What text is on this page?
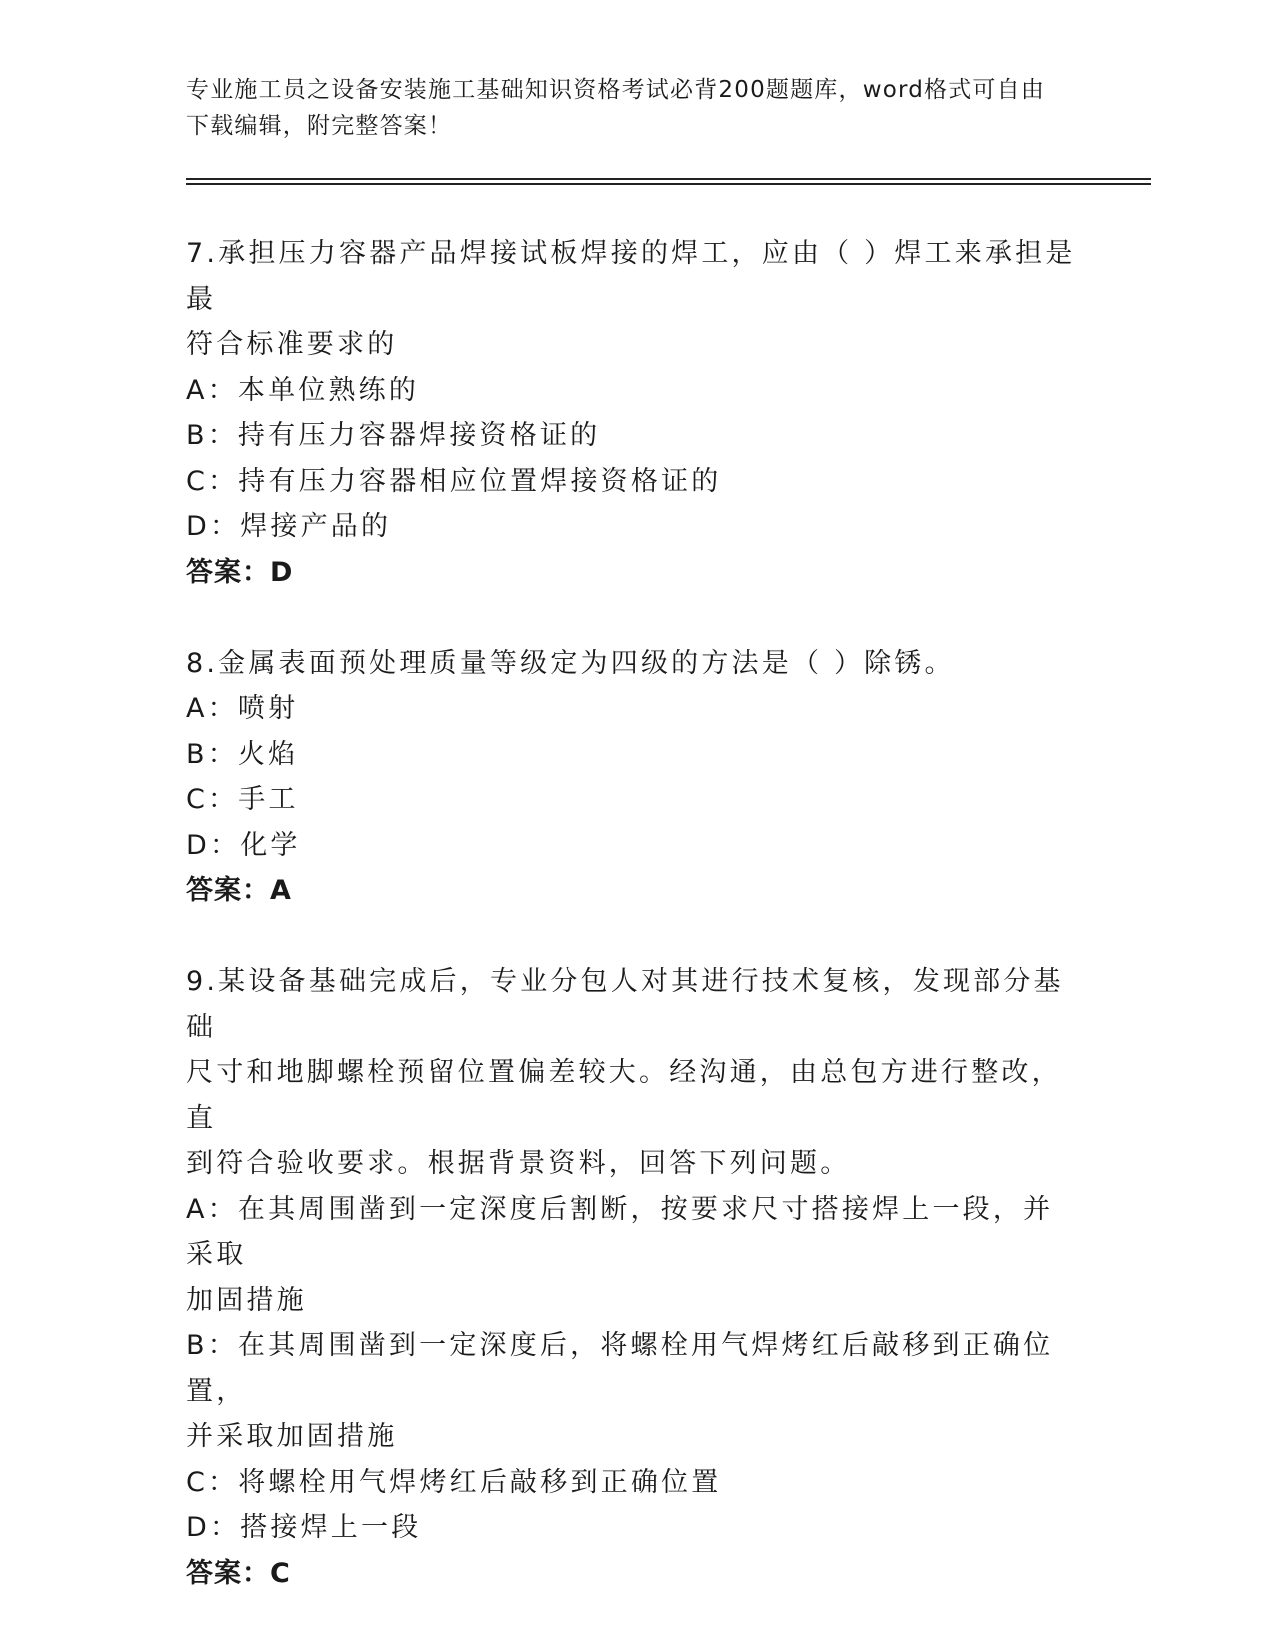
专业施工员之设备安装施工基础知识资格考试必背200题题库，word格式可自由
下载编辑，附完整答案！
7.承担压力容器产品焊接试板焊接的焊工，应由（ ）焊工来承担是最
符合标准要求的
A：本单位熟练的
B：持有压力容器焊接资格证的
C：持有压力容器相应位置焊接资格证的
D：焊接产品的
答案：D
8.金属表面预处理质量等级定为四级的方法是（ ）除锈。
A：喷射
B：火焰
C：手工
D：化学
答案：A
9.某设备基础完成后，专业分包人对其进行技术复核，发现部分基础
尺寸和地脚螺栓预留位置偏差较大。经沟通，由总包方进行整改，直
到符合验收要求。根据背景资料，回答下列问题。
A：在其周围凿到一定深度后割断，按要求尺寸搭接焊上一段，并采取
加固措施
B：在其周围凿到一定深度后，将螺栓用气焊烤红后敲移到正确位置，
并采取加固措施
C：将螺栓用气焊烤红后敲移到正确位置
D：搭接焊上一段
答案：C
